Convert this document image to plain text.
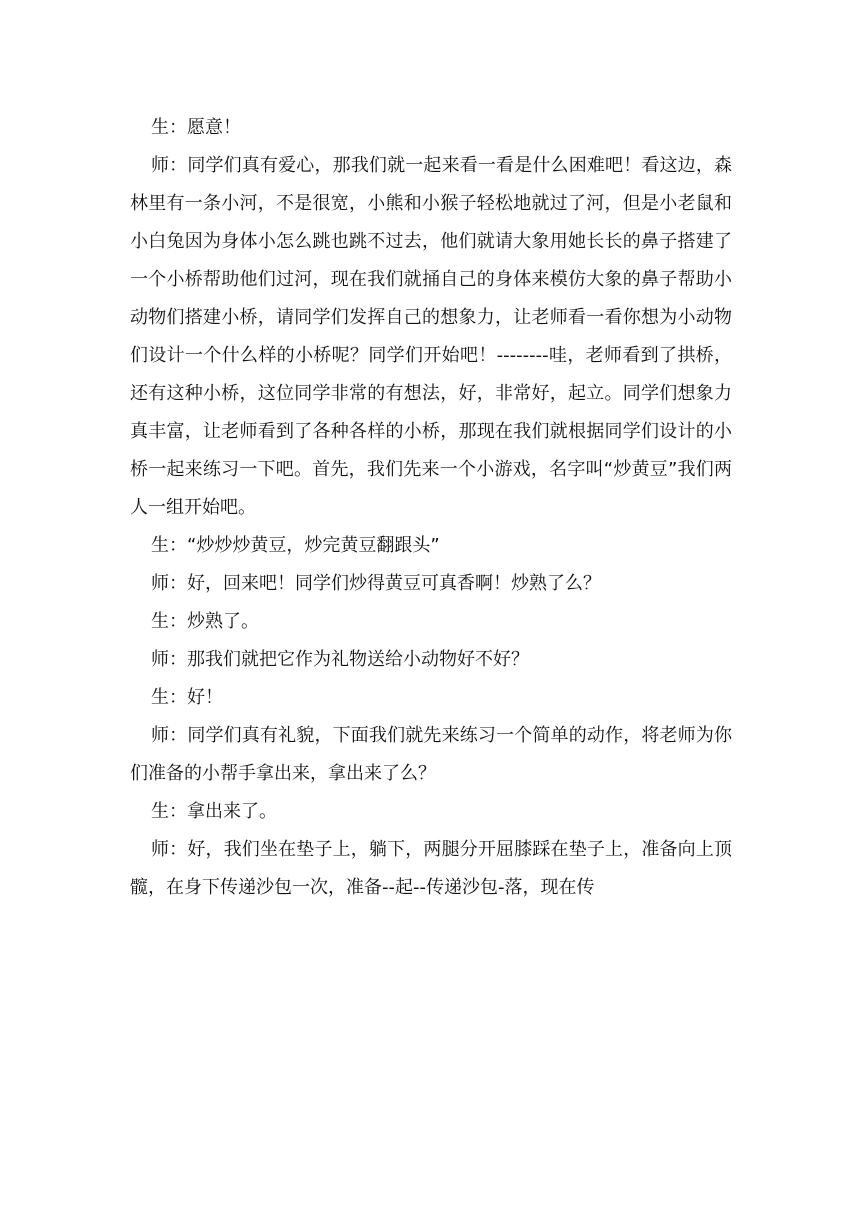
生：愿意！

师：同学们真有爱心，那我们就一起来看一看是什么困难吧！看这边，森林里有一条小河，不是很宽，小熊和小猴子轻松地就过了河，但是小老鼠和小白兔因为身体小怎么跳也跳不过去，他们就请大象用她长长的鼻子搭建了一个小桥帮助他们过河，现在我们就捅自己的身体来模仿大象的鼻子帮助小动物们搭建小桥，请同学们发挥自己的想象力，让老师看一看你想为小动物们设计一个什么样的小桥呢？同学们开始吧！--------哇，老师看到了拱桥，还有这种小桥，这位同学非常的有想法，好，非常好，起立。同学们想象力真丰富，让老师看到了各种各样的小桥，那现在我们就根据同学们设计的小桥一起来练习一下吧。首先，我们先来一个小游戏，名字叫“炒黄豆”我们两人一组开始吧。

生：“炒炒炒黄豆，炒完黄豆翻跟头”

师：好，回来吧！同学们炒得黄豆可真香啊！炒熟了么？

生：炒熟了。

师：那我们就把它作为礼物送给小动物好不好？

生：好！

师：同学们真有礼貌，下面我们就先来练习一个简单的动作，将老师为你们准备的小帮手拿出来，拿出来了么？

生：拿出来了。

师：好，我们坐在垫子上，躺下，两腿分开屈膝踩在垫子上，准备向上顶髋，在身下传递沙包一次，准备--起--传递沙包-落，现在传
